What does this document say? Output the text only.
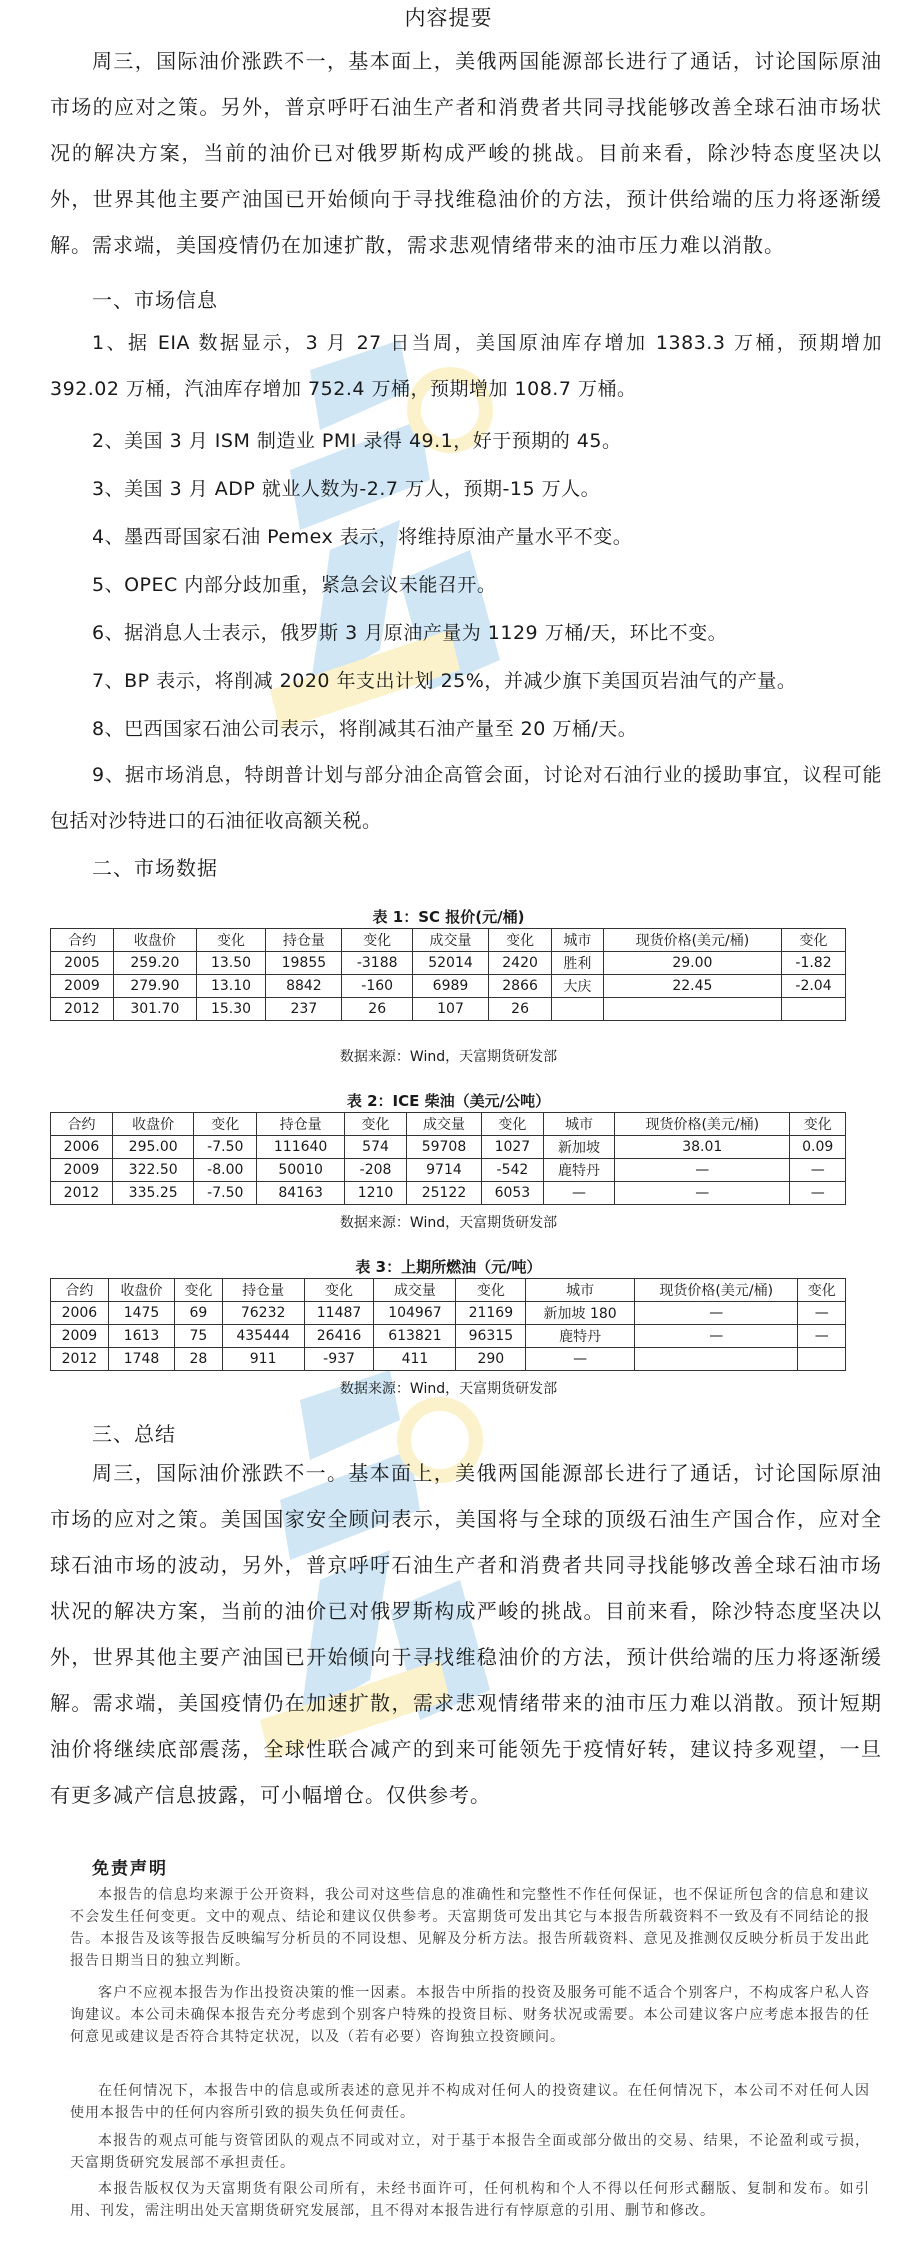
内容提要

周三，国际油价涨跌不一，基本面上，美俄两国能源部长进行了通话，讨论国际原油市场的应对之策。另外，普京呼吁石油生产者和消费者共同寻找能够改善全球石油市场状况的解决方案，当前的油价已对俄罗斯构成严峻的挑战。目前来看，除沙特态度坚决以外，世界其他主要产油国已开始倾向于寻找维稳油价的方法，预计供给端的压力将逐渐缓解。需求端，美国疫情仍在加速扩散，需求悲观情绪带来的油市压力难以消散。

一、市场信息

1、据 EIA 数据显示，3 月 27 日当周，美国原油库存增加 1383.3 万桶，预期增加 392.02 万桶，汽油库存增加 752.4 万桶，预期增加 108.7 万桶。

2、美国 3 月 ISM 制造业 PMI 录得 49.1，好于预期的 45。

3、美国 3 月 ADP 就业人数为-2.7 万人，预期-15 万人。

4、墨西哥国家石油 Pemex 表示，将维持原油产量水平不变。

5、OPEC 内部分歧加重，紧急会议未能召开。

6、据消息人士表示，俄罗斯 3 月原油产量为 1129 万桶/天，环比不变。

7、BP 表示，将削减 2020 年支出计划 25%，并减少旗下美国页岩油气的产量。

8、巴西国家石油公司表示，将削减其石油产量至 20 万桶/天。

9、据市场消息，特朗普计划与部分油企高管会面，讨论对石油行业的援助事宜，议程可能包括对沙特进口的石油征收高额关税。

二、市场数据

表 1：SC 报价(元/桶)
合约	收盘价	变化	持仓量	变化	成交量	变化	城市	现货价格(美元/桶)	变化
2005	259.20	13.50	19855	-3188	52014	2420	胜利	29.00	-1.82
2009	279.90	13.10	8842	-160	6989	2866	大庆	22.45	-2.04
2012	301.70	15.30	237	26	107	26			
数据来源：Wind，天富期货研发部
表 2：ICE 柴油（美元/公吨）
合约	收盘价	变化	持仓量	变化	成交量	变化	城市	现货价格(美元/桶)	变化
2006	295.00	-7.50	111640	574	59708	1027	新加坡	38.01	0.09
2009	322.50	-8.00	50010	-208	9714	-542	鹿特丹	—	—
2012	335.25	-7.50	84163	1210	25122	6053	—	—	—
数据来源：Wind，天富期货研发部
表 3：上期所燃油（元/吨）
合约	收盘价	变化	持仓量	变化	成交量	变化	城市	现货价格(美元/桶)	变化
2006	1475	69	76232	11487	104967	21169	新加坡 180	—	—
2009	1613	75	435444	26416	613821	96315	鹿特丹	—	—
2012	1748	28	911	-937	411	290	—		
数据来源：Wind，天富期货研发部

三、总结

周三，国际油价涨跌不一。基本面上，美俄两国能源部长进行了通话，讨论国际原油市场的应对之策。美国国家安全顾问表示，美国将与全球的顶级石油生产国合作，应对全球石油市场的波动，另外，普京呼吁石油生产者和消费者共同寻找能够改善全球石油市场状况的解决方案，当前的油价已对俄罗斯构成严峻的挑战。目前来看，除沙特态度坚决以外，世界其他主要产油国已开始倾向于寻找维稳油价的方法，预计供给端的压力将逐渐缓解。需求端，美国疫情仍在加速扩散，需求悲观情绪带来的油市压力难以消散。预计短期油价将继续底部震荡，全球性联合减产的到来可能领先于疫情好转，建议持多观望，一旦有更多减产信息披露，可小幅增仓。仅供参考。

免责声明

本报告的信息均来源于公开资料，我公司对这些信息的准确性和完整性不作任何保证，也不保证所包含的信息和建议不会发生任何变更。文中的观点、结论和建议仅供参考。天富期货可发出其它与本报告所载资料不一致及有不同结论的报告。本报告及该等报告反映编写分析员的不同设想、见解及分析方法。报告所载资料、意见及推测仅反映分析员于发出此报告日期当日的独立判断。

客户不应视本报告为作出投资决策的惟一因素。本报告中所指的投资及服务可能不适合个别客户，不构成客户私人咨询建议。本公司未确保本报告充分考虑到个别客户特殊的投资目标、财务状况或需要。本公司建议客户应考虑本报告的任何意见或建议是否符合其特定状况，以及（若有必要）咨询独立投资顾问。

在任何情况下，本报告中的信息或所表述的意见并不构成对任何人的投资建议。在任何情况下，本公司不对任何人因使用本报告中的任何内容所引致的损失负任何责任。

本报告的观点可能与资管团队的观点不同或对立，对于基于本报告全面或部分做出的交易、结果，不论盈利或亏损，天富期货研究发展部不承担责任。

本报告版权仅为天富期货有限公司所有，未经书面许可，任何机构和个人不得以任何形式翻版、复制和发布。如引用、刊发，需注明出处天富期货研究发展部，且不得对本报告进行有悖原意的引用、删节和修改。
